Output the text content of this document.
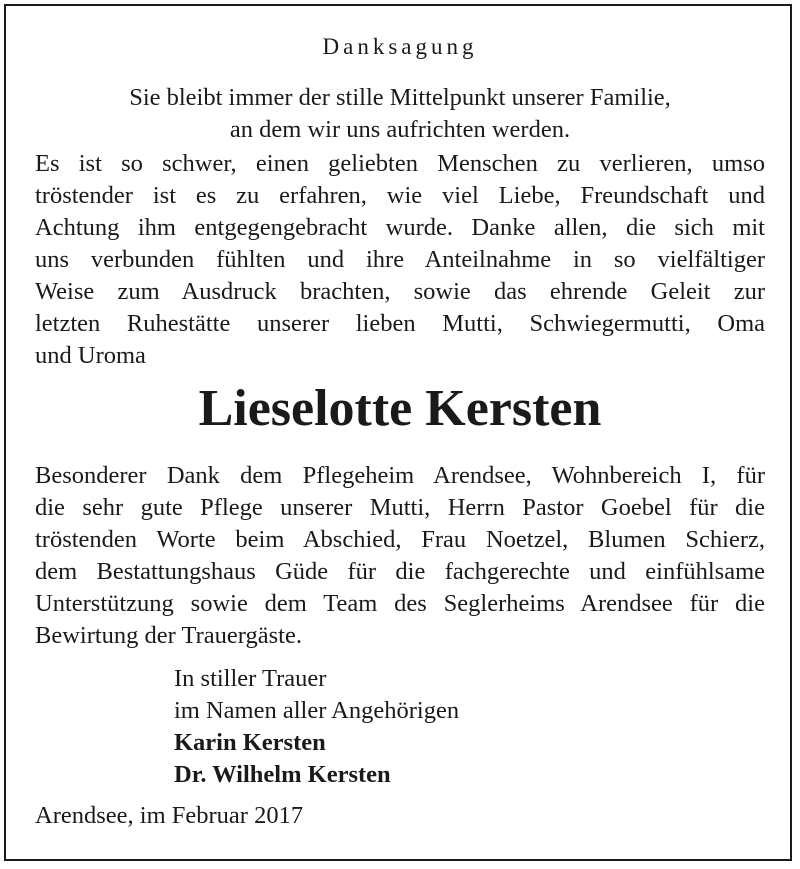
Danksagung
Sie bleibt immer der stille Mittelpunkt unserer Familie,
an dem wir uns aufrichten werden.
Es ist so schwer, einen geliebten Menschen zu verlieren, umso
tröstender ist es zu erfahren, wie viel Liebe, Freundschaft und
Achtung ihm entgegengebracht wurde. Danke allen, die sich mit
uns verbunden fühlten und ihre Anteilnahme in so vielfältiger
Weise zum Ausdruck brachten, sowie das ehrende Geleit zur
letzten Ruhestätte unserer lieben Mutti, Schwiegermutti, Oma
und Uroma
Lieselotte Kersten
Besonderer Dank dem Pflegeheim Arendsee, Wohnbereich I, für
die sehr gute Pflege unserer Mutti, Herrn Pastor Goebel für die
tröstenden Worte beim Abschied, Frau Noetzel, Blumen Schierz,
dem Bestattungshaus Güde für die fachgerechte und einfühlsame
Unterstützung sowie dem Team des Seglerheims Arendsee für die
Bewirtung der Trauergäste.
In stiller Trauer
im Namen aller Angehörigen
Karin Kersten
Dr. Wilhelm Kersten
Arendsee, im Februar 2017
